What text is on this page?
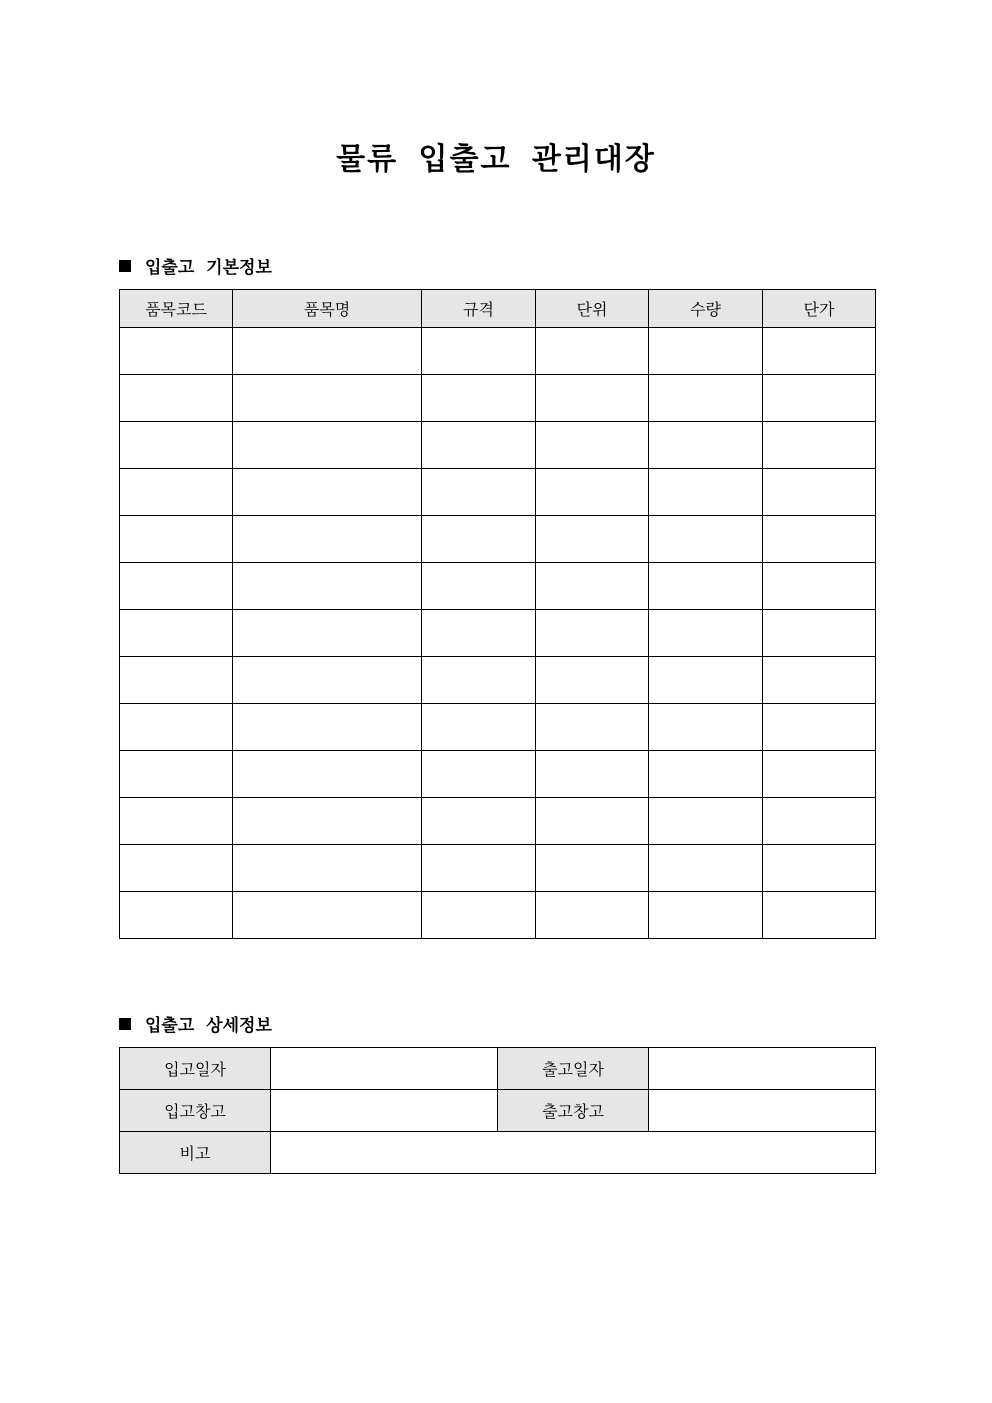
물류 입출고 관리대장
입출고 기본정보
품목코드	품목명	규격	단위	수량	단가

입출고 상세정보
입고일자		출고일자	
입고창고		출고창고	
비고			
